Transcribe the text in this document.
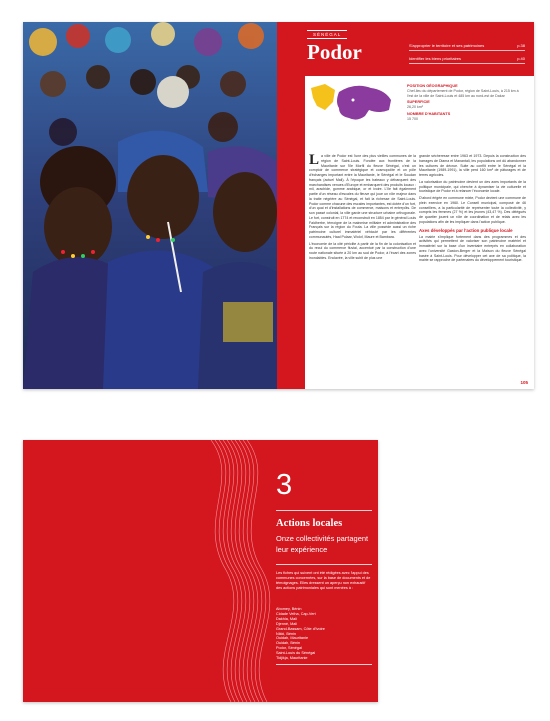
SÉNÉGAL
Podor	S'approprier le territoire et ses patrimoines	p.38
Identifier les biens prioritaires	p.40
POSITION GÉOGRAPHIQUE
Chef-lieu du département de Podor, région de Saint-Louis, à 215 km à l'est de la ville de Saint-Louis et 485 km au nord-est de Dakar
SUPERFICIE
26,20 km²
NOMBRE D'HABITANTS
15 700

La ville de Podor est l'une des plus vieilles communes de la région de Saint-Louis. Fondée aux frontières de la Mauritanie sur l'île Morfil du fleuve Sénégal, c'est un comptoir de commerce stratégique et cosmopolite et un pôle d'échanges important entre la Mauritanie, le Sénégal et le Soudan français (actuel Mali). À l'époque les bateaux y débarquent des marchandises venues d'Europe et embarquent des produits locaux : mil, arachide, gomme arabique, or et ivoire. L'île fait également partie d'un réseau d'escales du fleuve qui joue un rôle majeur dans la traite négrière au Sénégal, et fait la richesse de Saint-Louis. Podor comme chacune des escales importantes, est dotée d'un fort, d'un quai et d'installations de commerce, maisons et entrepôts. De son passé colonial, la ville garde une structure urbaine orthogonale. Le fort, construit en 1774 et reconstruit en 1854 par le général Louis Faidherbe, témoigne de la mainmise militaire et administrative des Français sur la région du Fouta. La ville possède aussi un riche patrimoine culturel immatériel véhiculé par les différentes communautés, Haal Pulaar, Wolof, Maure et Bambara.

L'économie de la cité périclite à partir de la fin de la colonisation et du recul du commerce fluvial, accentué par la construction d'une route nationale située à 20 km au sud de Podor, à l'écart des zones inondables. Enclavée, la ville subit de plus une

grande sécheresse entre 1963 et 1973. Depuis la construction des barrages de Diama et Manantali, les populations ont dû abandonner les cultures de décrue. Suite au conflit entre le Sénégal et la Mauritanie (1989-1991), la ville perd 160 km² de pâturages et de terres agricoles.

La valorisation du patrimoine devient un des axes importants de la politique municipale, qui cherche à dynamiser la vie culturelle et touristique de Podor et à relancer l'économie locale.

D'abord érigée en commune mixte, Podor devient une commune de plein exercice en 1960. Le Conseil municipal, composé de 46 conseillers, a la particularité de représenter toute la collectivité, y compris les femmes (27 %) et les jeunes (43,47 %). Des délégués de quartier jouent un rôle de coordination et de relais avec les populations afin de les impliquer dans l'action publique.

Axes développés par l'action publique locale

La mairie s'implique fortement dans des programmes et des activités qui permettent de valoriser son patrimoine matériel et immatériel sur la base d'un inventaire entrepris en collaboration avec l'université Gaston-Berger et la Maison du fleuve Sénégal basée à Saint-Louis. Pour développer cet axe de sa politique, la mairie se rapproche de partenaires du développement touristique.

105
3
Actions locales
Onze collectivités partagent leur expérience
Les fiches qui suivent ont été rédigées avec l'appui des communes concernées, sur la base de documents et de témoignages. Elles dressent un aperçu non exhaustif des actions patrimoniales qui sont menées à :
Abomey, Bénin
Cidade Velha, Cap-Vert
Dakhla, Mali
Djenné, Mali
Grand-Bassam, Côte d'Ivoire
Nikki, Bénin
Ouidah, Mauritanie
Ouidah, Bénin
Podor, Sénégal
Saint-Louis du Sénégal
Tidjikja, Mauritanie
